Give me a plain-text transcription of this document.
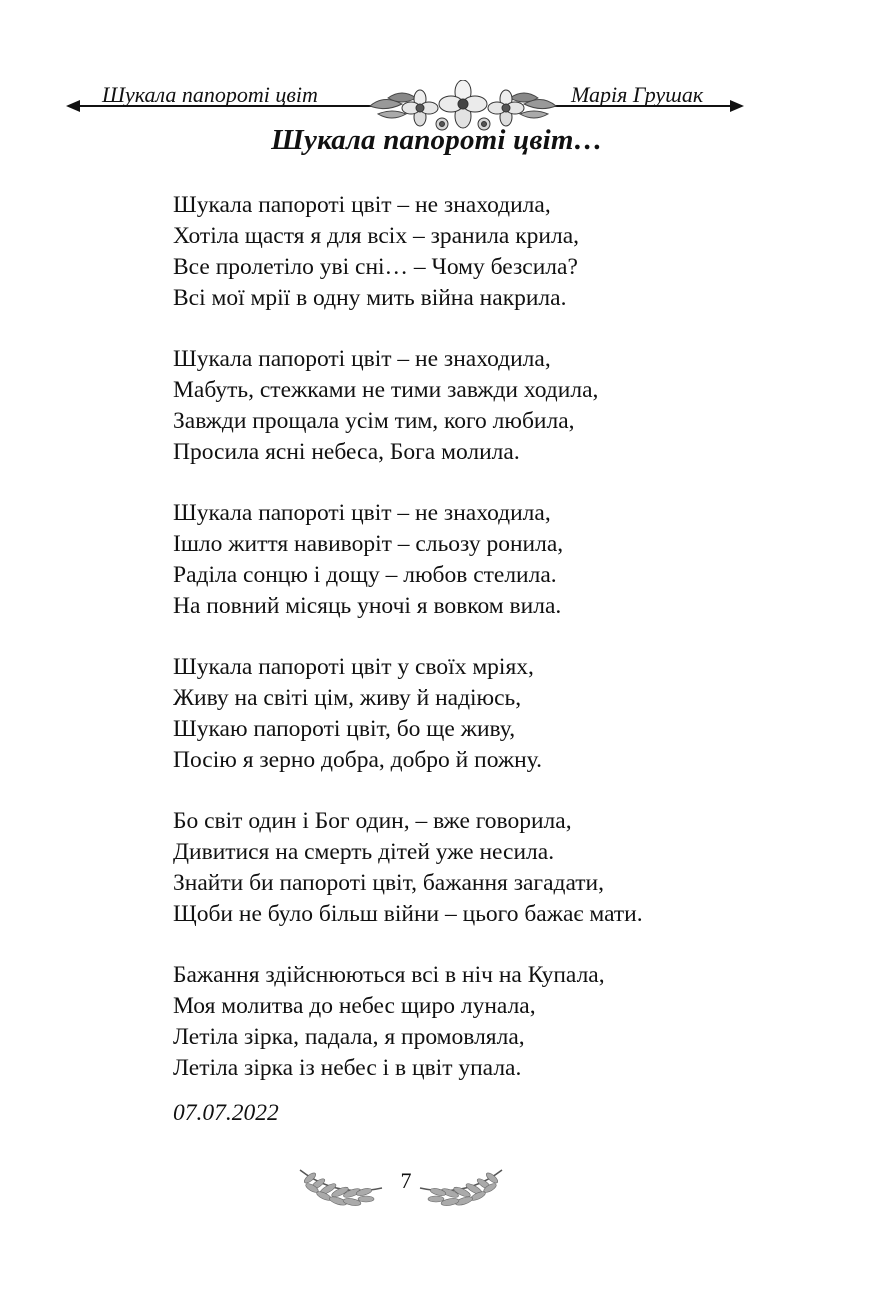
Шукала папороті цвіт	Марія Грушак
Шукала папороті цвіт…
Шукала папороті цвіт – не знаходила,
Хотіла щастя я для всіх – зранила крила,
Все пролетіло уві сні… – Чому безсила?
Всі мої мрії в одну мить війна накрила.
Шукала папороті цвіт – не знаходила,
Мабуть, стежками не тими завжди ходила,
Завжди прощала усім тим, кого любила,
Просила ясні небеса, Бога молила.
Шукала папороті цвіт – не знаходила,
Ішло життя навиворіт – сльозу ронила,
Раділа сонцю і дощу – любов стелила.
На повний місяць уночі я вовком вила.
Шукала папороті цвіт у своїх мріях,
Живу на світі цім, живу й надіюсь,
Шукаю папороті цвіт, бо ще живу,
Посію я зерно добра, добро й пожну.
Бо світ один і Бог один, – вже говорила,
Дивитися на смерть дітей уже несила.
Знайти би папороті цвіт, бажання загадати,
Щоби не було більш війни – цього бажає мати.
Бажання здійснюються всі в ніч на Купала,
Моя молитва до небес щиро лунала,
Летіла зірка, падала, я промовляла,
Летіла зірка із небес і в цвіт упала.
07.07.2022
7
